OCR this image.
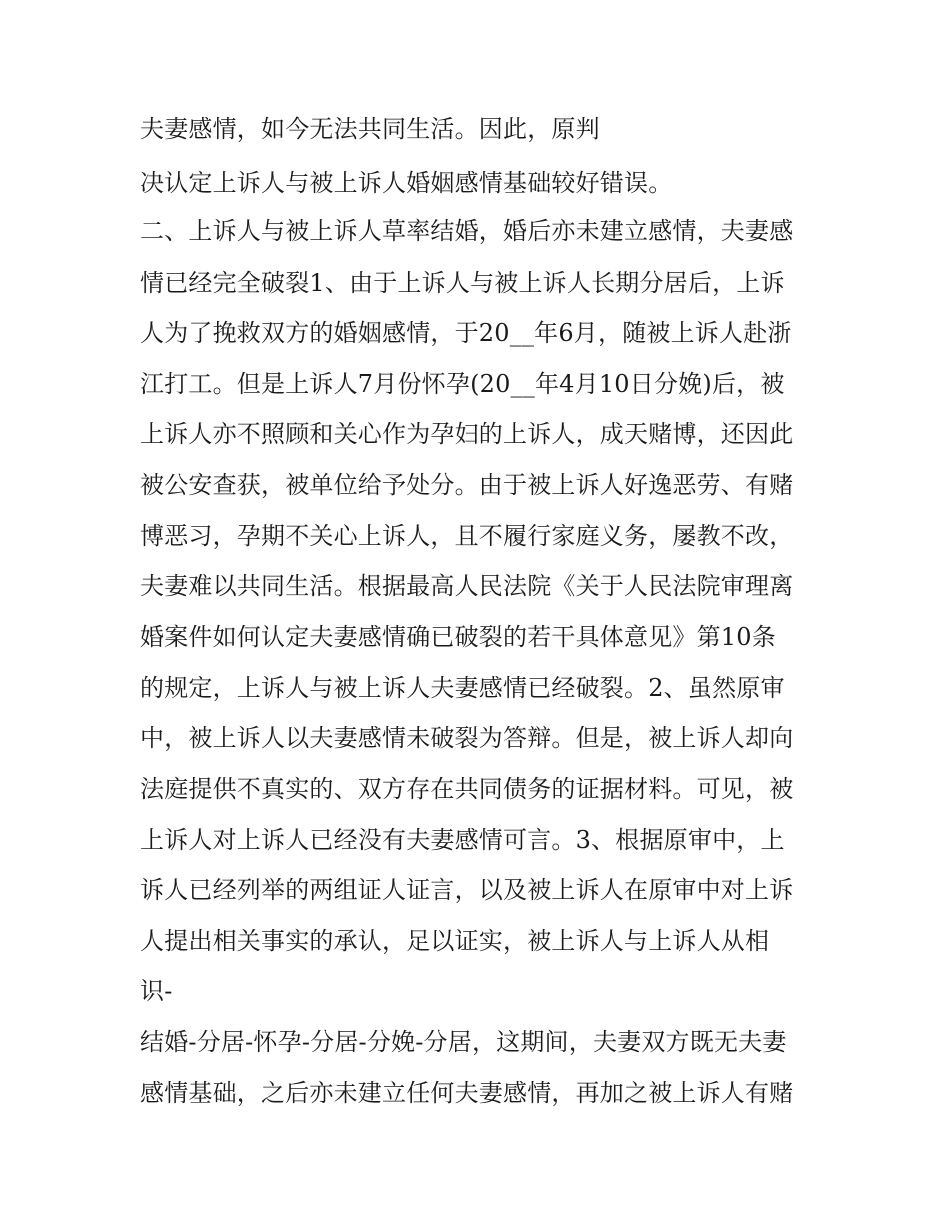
夫妻感情，如今无法共同生活。因此，原判
决认定上诉人与被上诉人婚姻感情基础较好错误。
二、上诉人与被上诉人草率结婚，婚后亦未建立感情，夫妻感
情已经完全破裂1、由于上诉人与被上诉人长期分居后，上诉
人为了挽救双方的婚姻感情，于20__年6月，随被上诉人赴浙
江打工。但是上诉人7月份怀孕(20__年4月10日分娩)后，被
上诉人亦不照顾和关心作为孕妇的上诉人，成天赌博，还因此
被公安查获，被单位给予处分。由于被上诉人好逸恶劳、有赌
博恶习，孕期不关心上诉人，且不履行家庭义务，屡教不改，
夫妻难以共同生活。根据最高人民法院《关于人民法院审理离
婚案件如何认定夫妻感情确已破裂的若干具体意见》第10条
的规定，上诉人与被上诉人夫妻感情已经破裂。2、虽然原审
中，被上诉人以夫妻感情未破裂为答辩。但是，被上诉人却向
法庭提供不真实的、双方存在共同债务的证据材料。可见，被
上诉人对上诉人已经没有夫妻感情可言。3、根据原审中，上
诉人已经列举的两组证人证言，以及被上诉人在原审中对上诉
人提出相关事实的承认，足以证实，被上诉人与上诉人从相
识-
结婚-分居-怀孕-分居-分娩-分居，这期间，夫妻双方既无夫妻
感情基础，之后亦未建立任何夫妻感情，再加之被上诉人有赌
